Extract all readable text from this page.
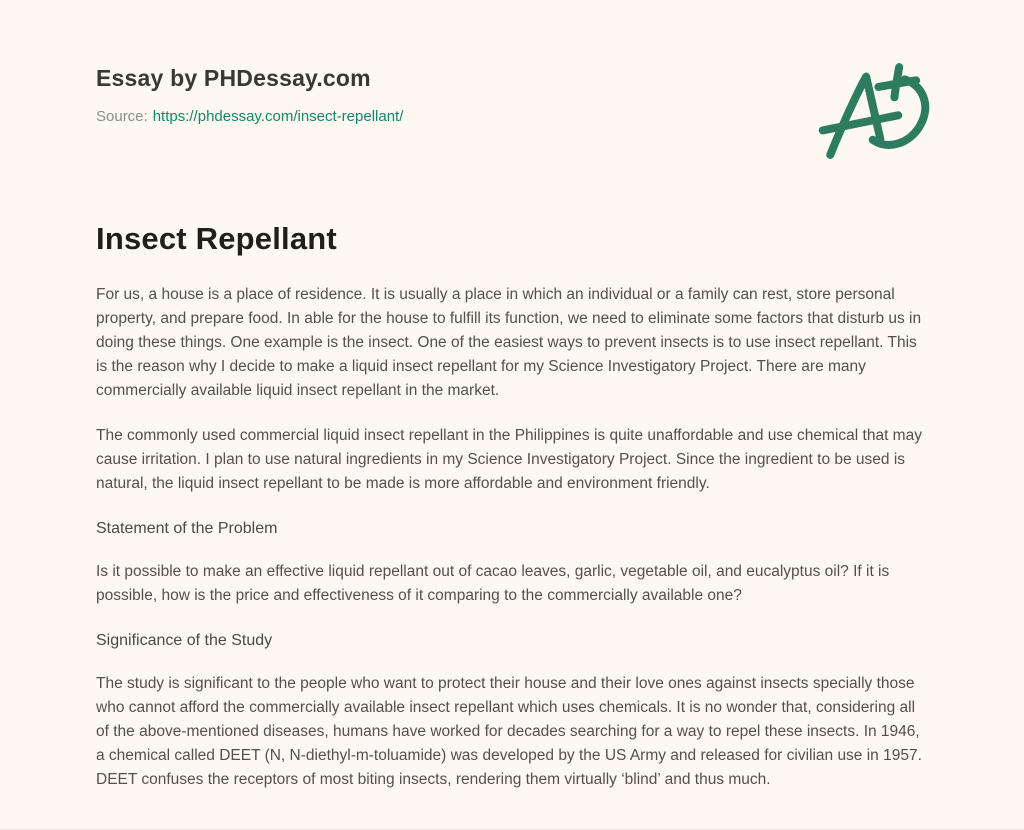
Essay by PHDessay.com
Source: https://phdessay.com/insect-repellant/
Insect Repellant

For us, a house is a place of residence. It is usually a place in which an individual or a family can rest, store personal property, and prepare food. In able for the house to fulfill its function, we need to eliminate some factors that disturb us in doing these things. One example is the insect. One of the easiest ways to prevent insects is to use insect repellant. This is the reason why I decide to make a liquid insect repellant for my Science Investigatory Project. There are many commercially available liquid insect repellant in the market.

The commonly used commercial liquid insect repellant in the Philippines is quite unaffordable and use chemical that may cause irritation. I plan to use natural ingredients in my Science Investigatory Project. Since the ingredient to be used is natural, the liquid insect repellant to be made is more affordable and environment friendly.

Statement of the Problem

Is it possible to make an effective liquid repellant out of cacao leaves, garlic, vegetable oil, and eucalyptus oil? If it is possible, how is the price and effectiveness of it comparing to the commercially available one?

Significance of the Study

The study is significant to the people who want to protect their house and their love ones against insects specially those who cannot afford the commercially available insect repellant which uses chemicals. It is no wonder that, considering all of the above-mentioned diseases, humans have worked for decades searching for a way to repel these insects. In 1946, a chemical called DEET (N, N-diethyl-m-toluamide) was developed by the US Army and released for civilian use in 1957. DEET confuses the receptors of most biting insects, rendering them virtually ‘blind’ and thus much.
